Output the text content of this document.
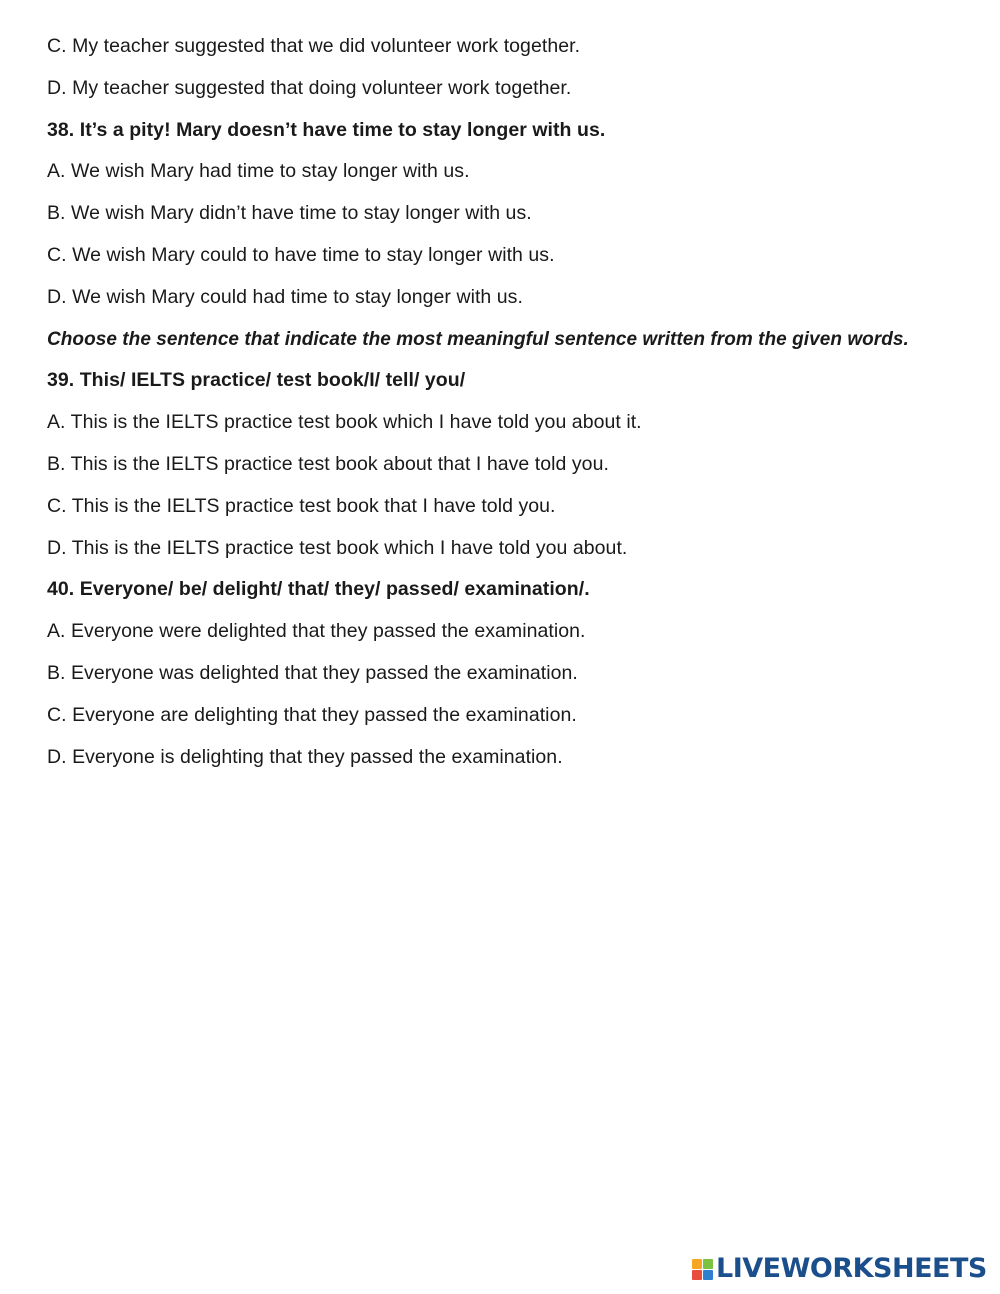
C. My teacher suggested that we did volunteer work together.
D. My teacher suggested that doing volunteer work together.
38. It’s a pity! Mary doesn’t have time to stay longer with us.
A. We wish Mary had time to stay longer with us.
B. We wish Mary didn’t have time to stay longer with us.
C. We wish Mary could to have time to stay longer with us.
D. We wish Mary could had time to stay longer with us.
Choose the sentence that indicate the most meaningful sentence written from the given words.
39. This/ IELTS practice/ test book/I/ tell/ you/
A. This is the IELTS practice test book which I have told you about it.
B. This is the IELTS practice test book about that I have told you.
C. This is the IELTS practice test book that I have told you.
D. This is the IELTS practice test book which I have told you about.
40. Everyone/ be/ delight/ that/ they/ passed/ examination/.
A. Everyone were delighted that they passed the examination.
B. Everyone was delighted that they passed the examination.
C. Everyone are delighting that they passed the examination.
D. Everyone is delighting that they passed the examination.
LIVEWORKSHEETS
